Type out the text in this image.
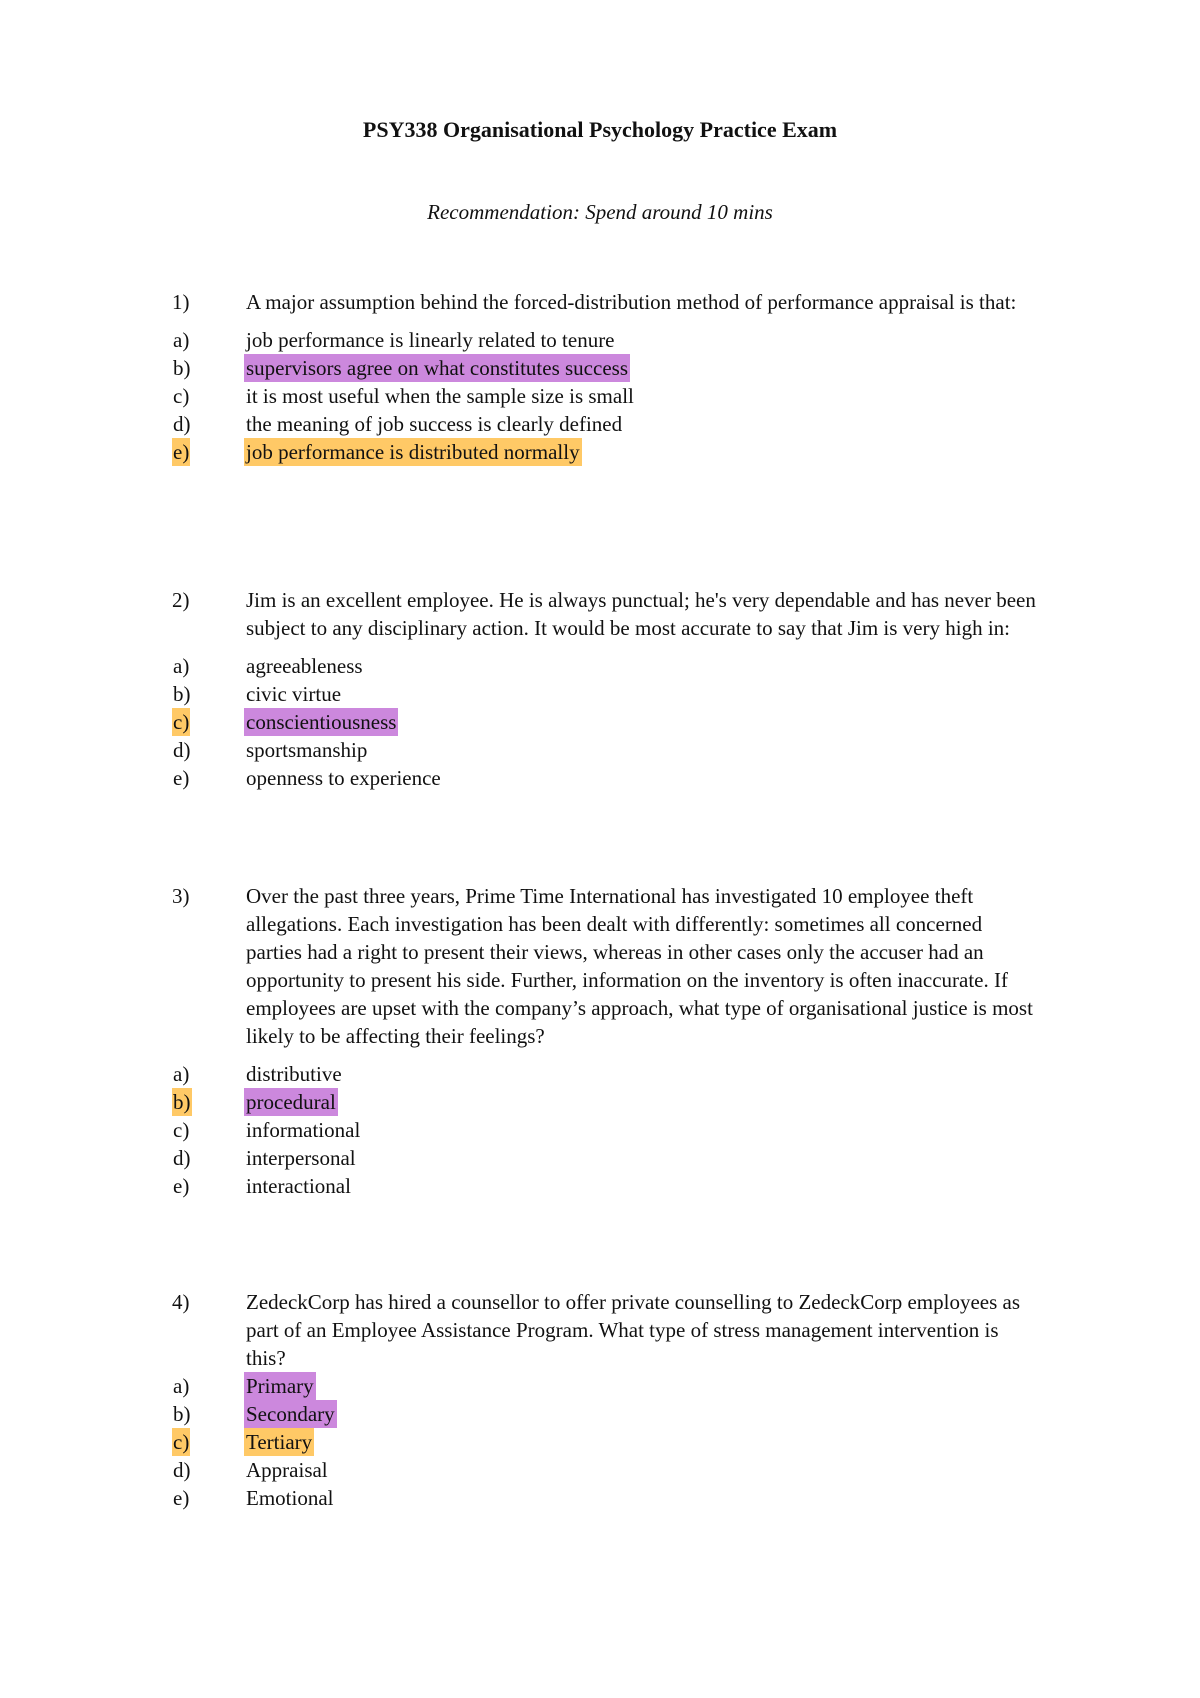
PSY338 Organisational Psychology Practice Exam
Recommendation: Spend around 10 mins
1)	A major assumption behind the forced-distribution method of performance appraisal is that:
a)	job performance is linearly related to tenure
b)	supervisors agree on what constitutes success
c)	it is most useful when the sample size is small
d)	the meaning of job success is clearly defined
e)	job performance is distributed normally
2)	Jim is an excellent employee. He is always punctual; he's very dependable and has never been subject to any disciplinary action. It would be most accurate to say that Jim is very high in:
a)	agreeableness
b)	civic virtue
c)	conscientiousness
d)	sportsmanship
e)	openness to experience
3)	Over the past three years, Prime Time International has investigated 10 employee theft allegations. Each investigation has been dealt with differently: sometimes all concerned parties had a right to present their views, whereas in other cases only the accuser had an opportunity to present his side. Further, information on the inventory is often inaccurate. If employees are upset with the company’s approach, what type of organisational justice is most likely to be affecting their feelings?
a)	distributive
b)	procedural
c)	informational
d)	interpersonal
e)	interactional
4)	ZedeckCorp has hired a counsellor to offer private counselling to ZedeckCorp employees as part of an Employee Assistance Program. What type of stress management intervention is this?
a)	Primary
b)	Secondary
c)	Tertiary
d)	Appraisal
e)	Emotional
